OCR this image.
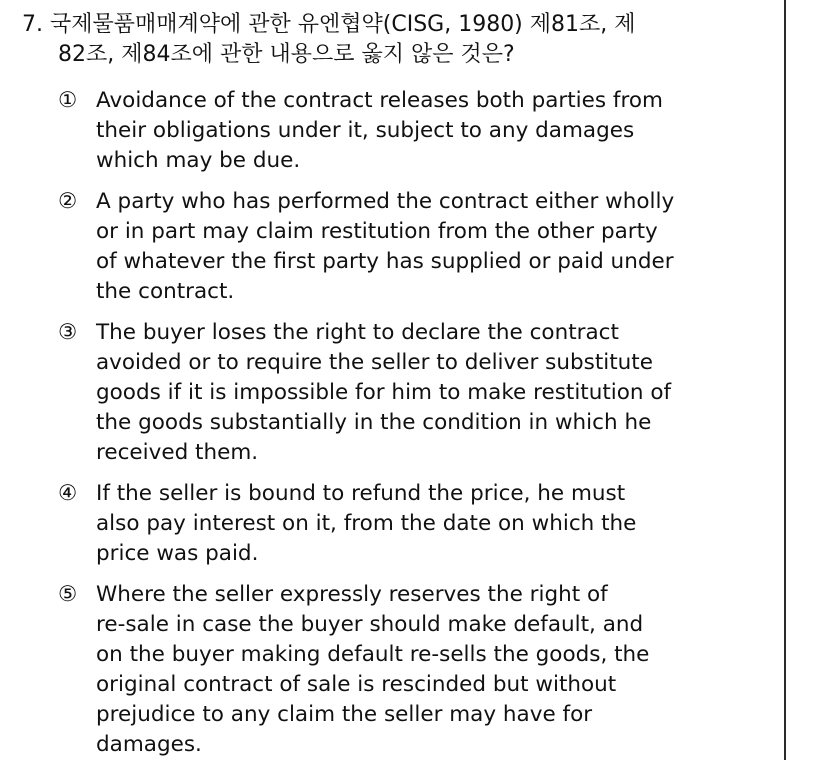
7. 국제물품매매계약에 관한 유엔협약(CISG, 1980) 제81조, 제
82조, 제84조에 관한 내용으로 옳지 않은 것은?
① Avoidance of the contract releases both parties from
their obligations under it, subject to any damages
which may be due.
② A party who has performed the contract either wholly
or in part may claim restitution from the other party
of whatever the first party has supplied or paid under
the contract.
③ The buyer loses the right to declare the contract
avoided or to require the seller to deliver substitute
goods if it is impossible for him to make restitution of
the goods substantially in the condition in which he
received them.
④ If the seller is bound to refund the price, he must
also pay interest on it, from the date on which the
price was paid.
⑤ Where the seller expressly reserves the right of
re-sale in case the buyer should make default, and
on the buyer making default re-sells the goods, the
original contract of sale is rescinded but without
prejudice to any claim the seller may have for
damages.
